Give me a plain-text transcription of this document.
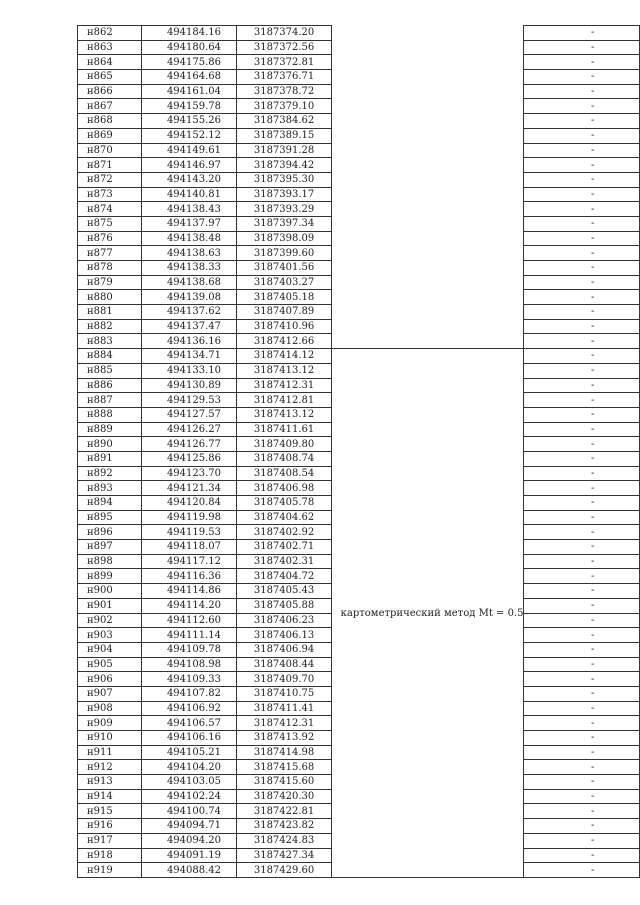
н862	494184.16	3187374.20		-
н863	494180.64	3187372.56		-
н864	494175.86	3187372.81		-
н865	494164.68	3187376.71		-
н866	494161.04	3187378.72		-
н867	494159.78	3187379.10		-
н868	494155.26	3187384.62		-
н869	494152.12	3187389.15		-
н870	494149.61	3187391.28		-
н871	494146.97	3187394.42		-
н872	494143.20	3187395.30		-
н873	494140.81	3187393.17		-
н874	494138.43	3187393.29		-
н875	494137.97	3187397.34		-
н876	494138.48	3187398.09		-
н877	494138.63	3187399.60		-
н878	494138.33	3187401.56		-
н879	494138.68	3187403.27		-
н880	494139.08	3187405.18		-
н881	494137.62	3187407.89		-
н882	494137.47	3187410.96		-
н883	494136.16	3187412.66		-
н884	494134.71	3187414.12	картометрический метод Mt = 0.5	-
н885	494133.10	3187413.12		-
н886	494130.89	3187412.31		-
н887	494129.53	3187412.81		-
н888	494127.57	3187413.12		-
н889	494126.27	3187411.61		-
н890	494126.77	3187409.80		-
н891	494125.86	3187408.74		-
н892	494123.70	3187408.54		-
н893	494121.34	3187406.98		-
н894	494120.84	3187405.78		-
н895	494119.98	3187404.62		-
н896	494119.53	3187402.92		-
н897	494118.07	3187402.71		-
н898	494117.12	3187402.31		-
н899	494116.36	3187404.72		-
н900	494114.86	3187405.43		-
н901	494114.20	3187405.88		-
н902	494112.60	3187406.23		-
н903	494111.14	3187406.13		-
н904	494109.78	3187406.94		-
н905	494108.98	3187408.44		-
н906	494109.33	3187409.70		-
н907	494107.82	3187410.75		-
н908	494106.92	3187411.41		-
н909	494106.57	3187412.31		-
н910	494106.16	3187413.92		-
н911	494105.21	3187414.98		-
н912	494104.20	3187415.68		-
н913	494103.05	3187415.60		-
н914	494102.24	3187420.30		-
н915	494100.74	3187422.81		-
н916	494094.71	3187423.82		-
н917	494094.20	3187424.83		-
н918	494091.19	3187427.34		-
н919	494088.42	3187429.60		-
